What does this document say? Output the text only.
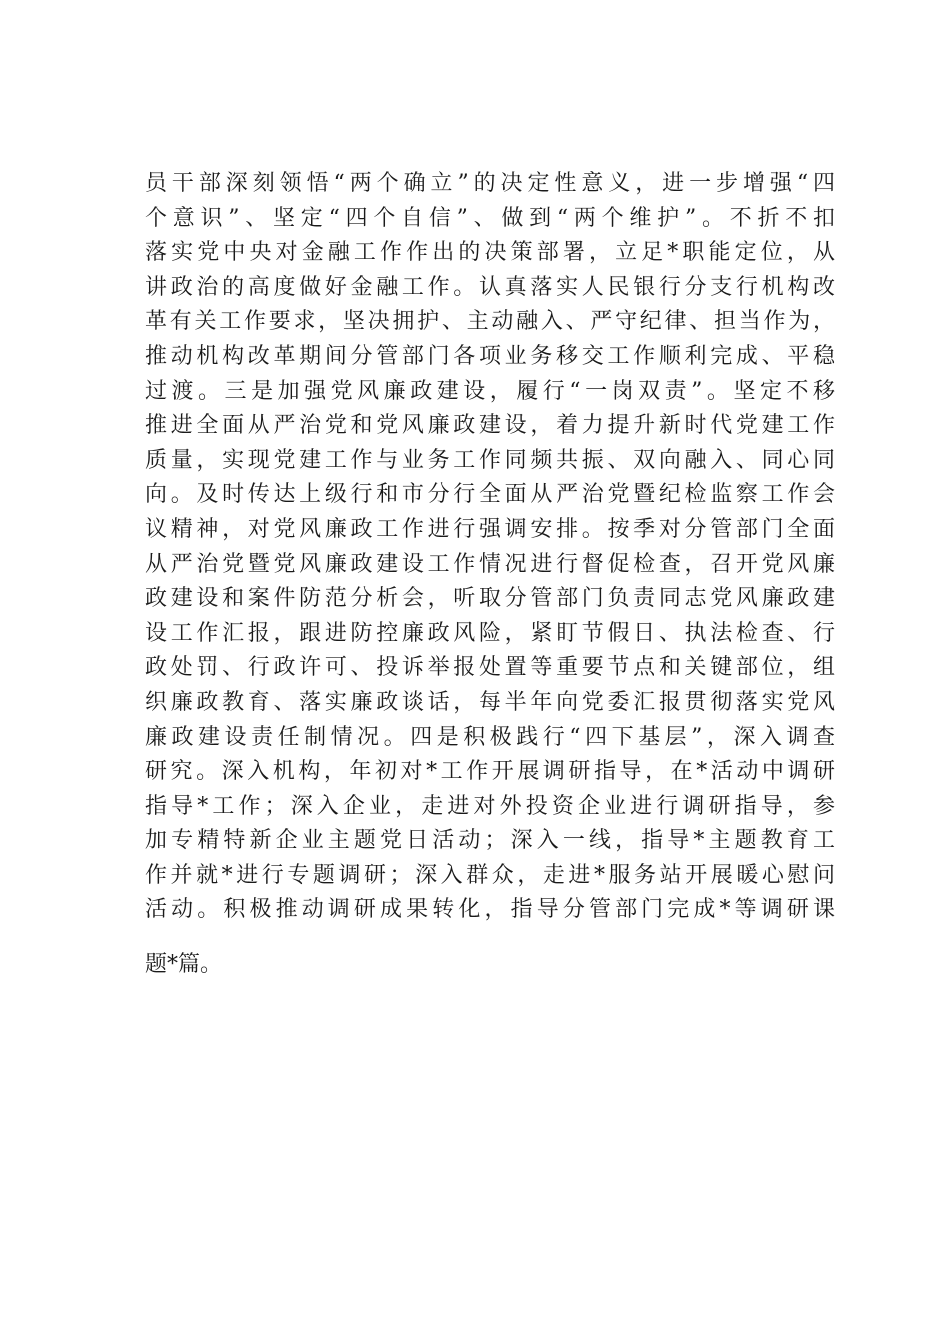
员干部深刻领悟“两个确立”的决定性意义，进一步增强“四
个意识”、坚定“四个自信”、做到“两个维护”。不折不扣
落实党中央对金融工作作出的决策部署，立足*职能定位，从
讲政治的高度做好金融工作。认真落实人民银行分支行机构改
革有关工作要求，坚决拥护、主动融入、严守纪律、担当作为，
推动机构改革期间分管部门各项业务移交工作顺利完成、平稳
过渡。三是加强党风廉政建设，履行“一岗双责”。坚定不移
推进全面从严治党和党风廉政建设，着力提升新时代党建工作
质量，实现党建工作与业务工作同频共振、双向融入、同心同
向。及时传达上级行和市分行全面从严治党暨纪检监察工作会
议精神，对党风廉政工作进行强调安排。按季对分管部门全面
从严治党暨党风廉政建设工作情况进行督促检查，召开党风廉
政建设和案件防范分析会，听取分管部门负责同志党风廉政建
设工作汇报，跟进防控廉政风险，紧盯节假日、执法检查、行
政处罚、行政许可、投诉举报处置等重要节点和关键部位，组
织廉政教育、落实廉政谈话，每半年向党委汇报贯彻落实党风
廉政建设责任制情况。四是积极践行“四下基层”，深入调查
研究。深入机构，年初对*工作开展调研指导，在*活动中调研
指导*工作；深入企业，走进对外投资企业进行调研指导，参
加专精特新企业主题党日活动；深入一线，指导*主题教育工
作并就*进行专题调研；深入群众，走进*服务站开展暖心慰问
活动。积极推动调研成果转化，指导分管部门完成*等调研课
题*篇。
